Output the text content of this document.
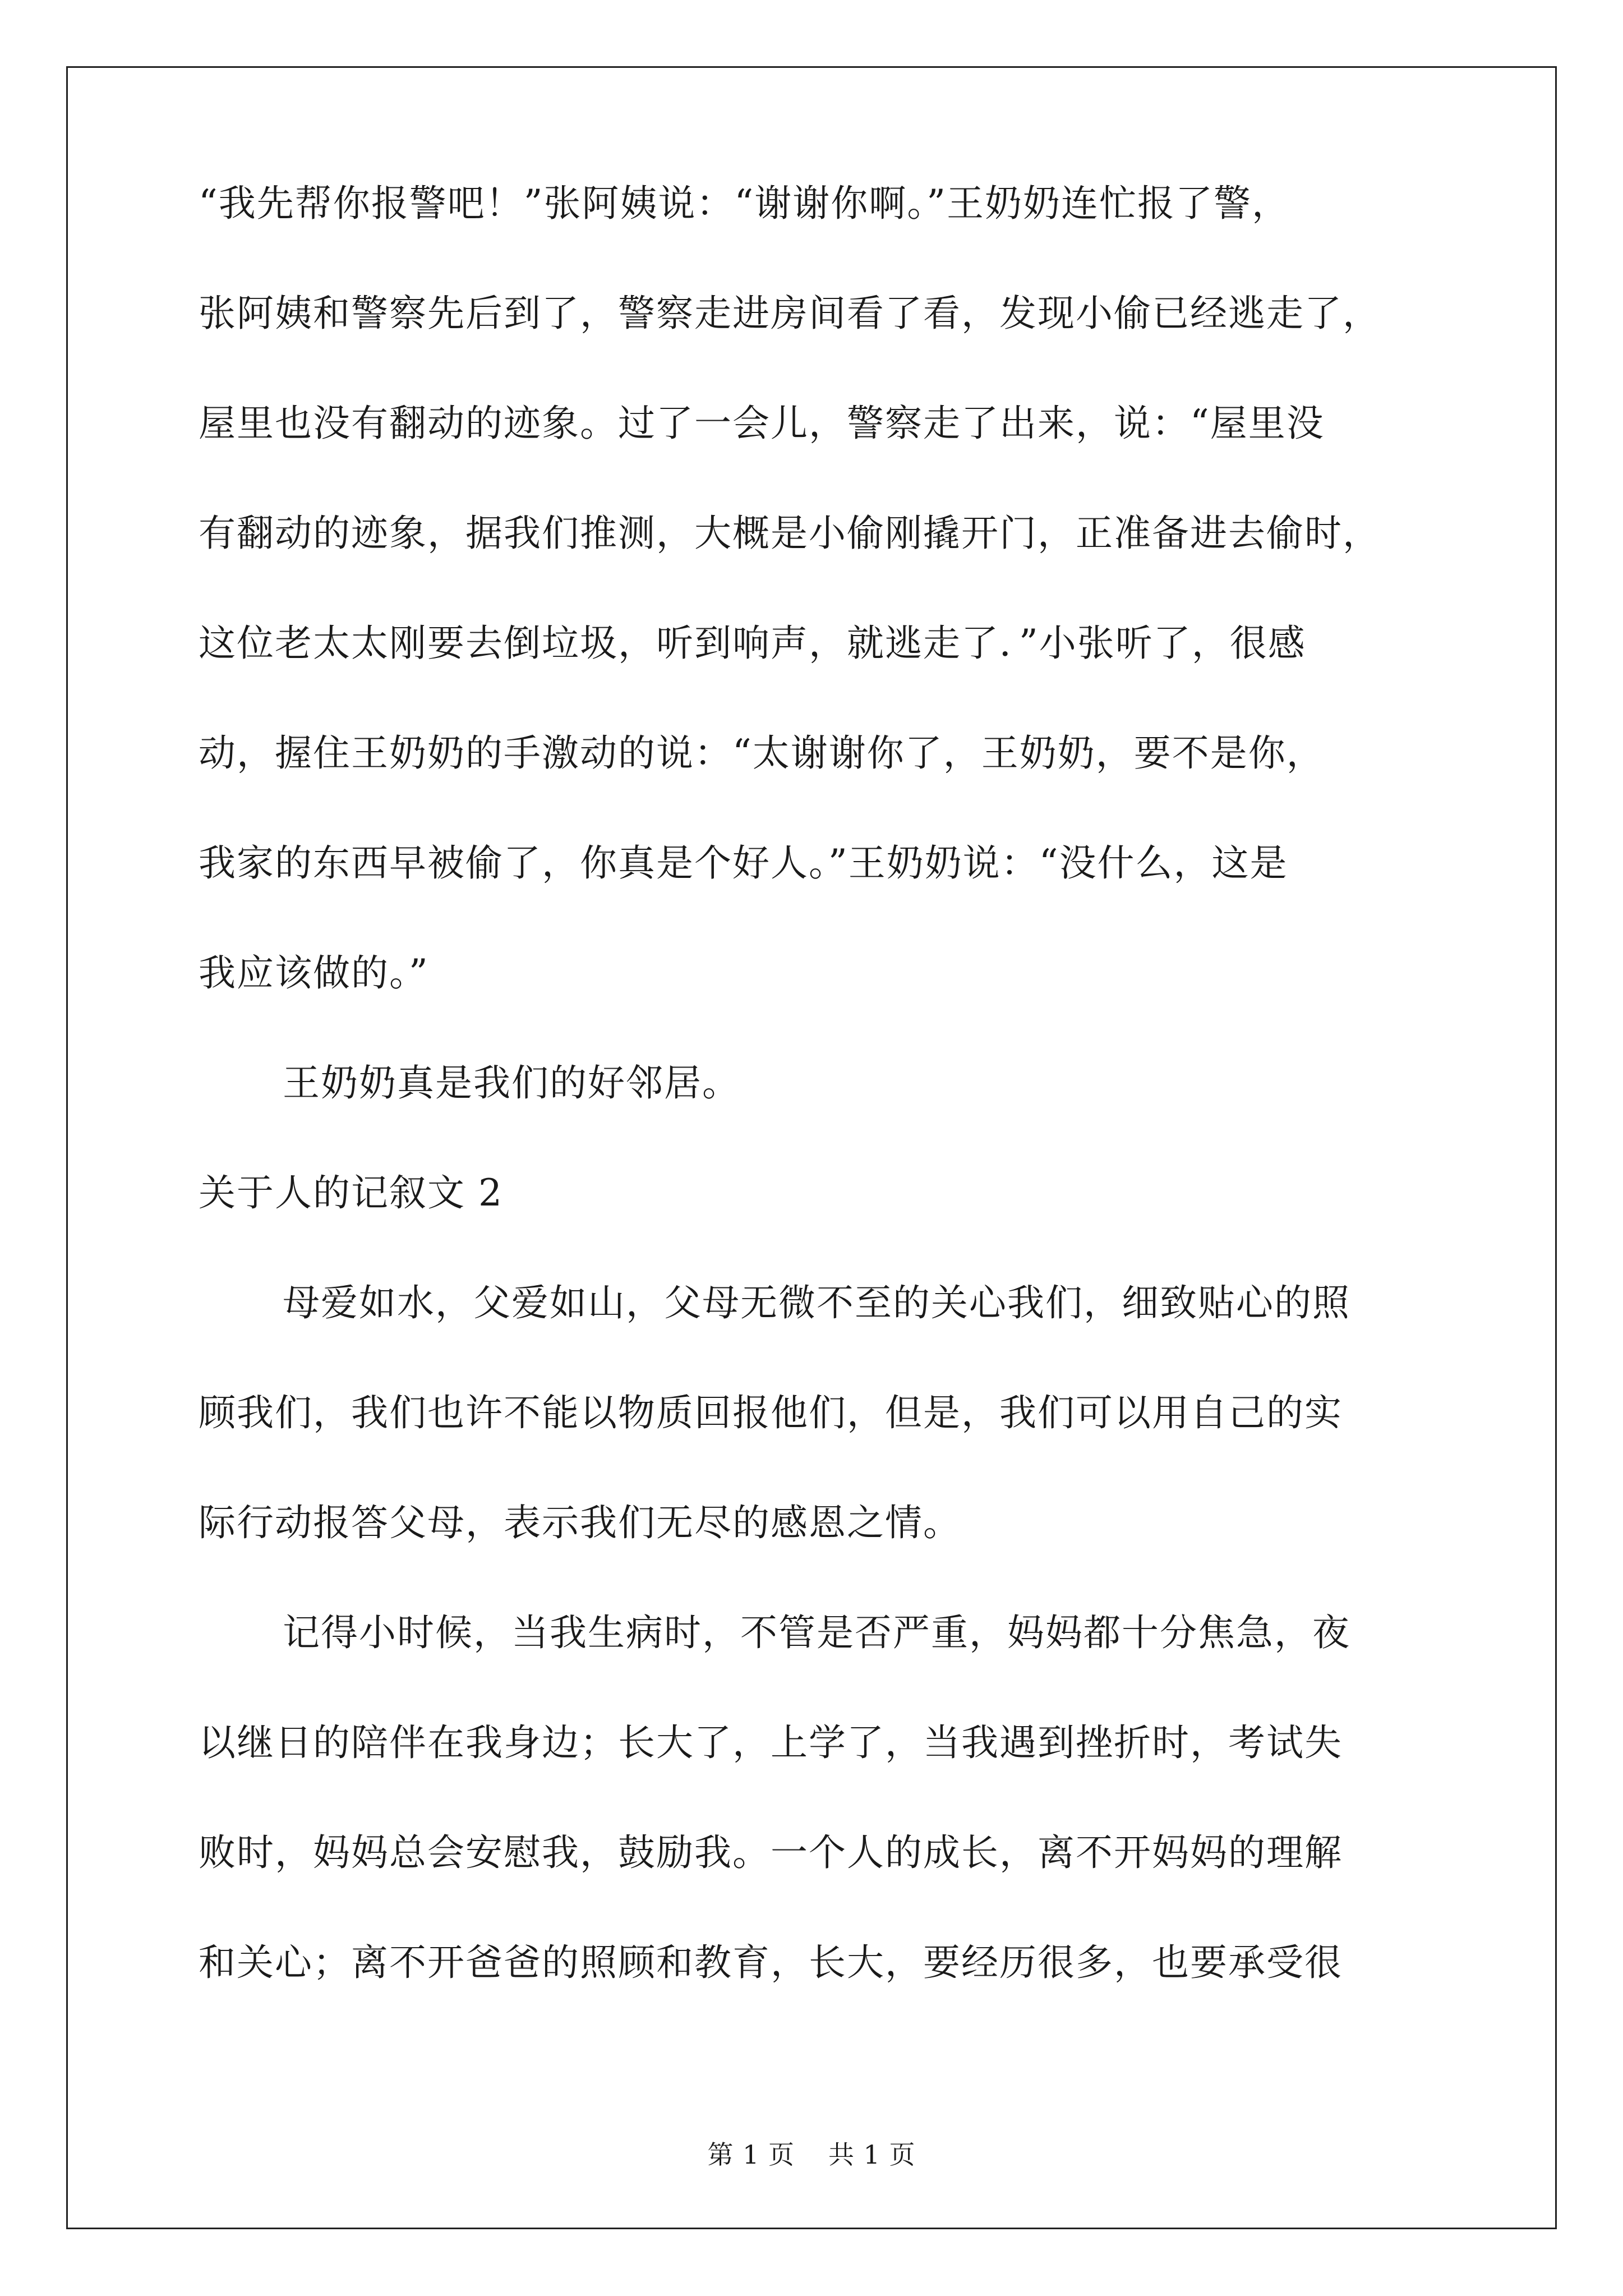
“我先帮你报警吧！”张阿姨说：“谢谢你啊。”王奶奶连忙报了警，
张阿姨和警察先后到了，警察走进房间看了看，发现小偷已经逃走了，
屋里也没有翻动的迹象。过了一会儿，警察走了出来，说：“屋里没
有翻动的迹象，据我们推测，大概是小偷刚撬开门，正准备进去偷时，
这位老太太刚要去倒垃圾，听到响声，就逃走了．”小张听了，很感
动，握住王奶奶的手激动的说：“太谢谢你了，王奶奶，要不是你，
我家的东西早被偷了，你真是个好人。”王奶奶说：“没什么，这是
我应该做的。”
王奶奶真是我们的好邻居。
关于人的记叙文 2
母爱如水，父爱如山，父母无微不至的关心我们，细致贴心的照
顾我们，我们也许不能以物质回报他们，但是，我们可以用自己的实
际行动报答父母，表示我们无尽的感恩之情。
记得小时候，当我生病时，不管是否严重，妈妈都十分焦急，夜
以继日的陪伴在我身边；长大了，上学了，当我遇到挫折时，考试失
败时，妈妈总会安慰我，鼓励我。一个人的成长，离不开妈妈的理解
和关心；离不开爸爸的照顾和教育，长大，要经历很多，也要承受很
第 1 页 共 1 页
